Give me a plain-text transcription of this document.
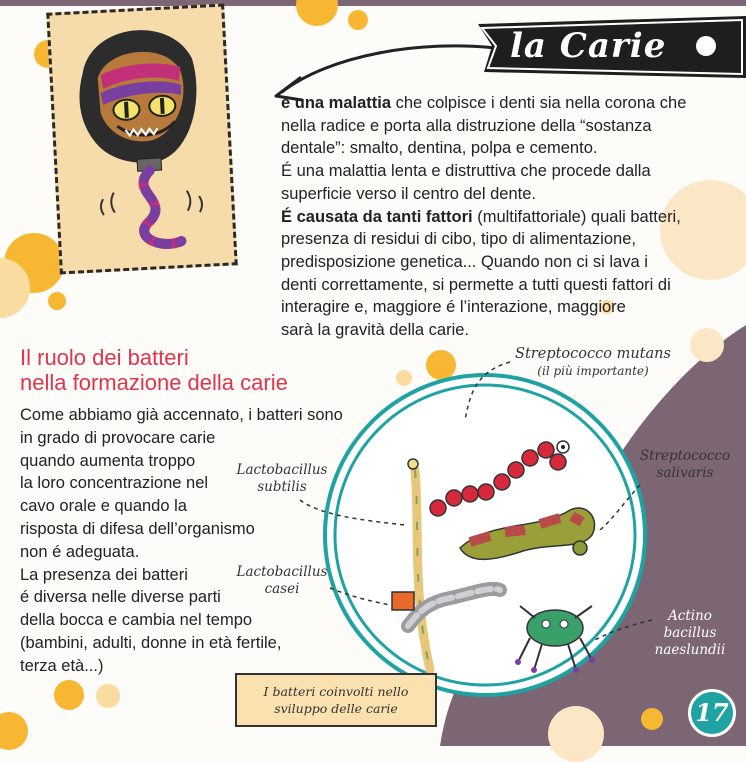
la Carie

è una malattia che colpisce i denti sia nella corona che

nella radice e porta alla distruzione della “sostanza

dentale”: smalto, dentina, polpa e cemento.

É una malattia lenta e distruttiva che procede dalla

superficie verso il centro del dente.

É causata da tanti fattori (multifattoriale) quali batteri,

presenza di residui di cibo, tipo di alimentazione,

predisposizione genetica... Quando non ci si lava i

denti correttamente, si permette a tutti questi fattori di

interagire e, maggiore é l’interazione, maggiore

sarà la gravità della carie.

Il ruolo dei batteri
nella formazione della carie
Come abbiamo già accennato, i batteri sono
in grado di provocare carie
quando aumenta troppo
la loro concentrazione nel
cavo orale e quando la
risposta di difesa dell’organismo
non é adeguata.
La presenza dei batteri
é diversa nelle diverse parti
della bocca e cambia nel tempo
(bambini, adulti, donne in età fertile,
terza età...)
Streptococco mutans
(il più importante)
Streptococco
salivaris
Lactobacillus
subtilis
Lactobacillus
casei
Actino
bacillus
naeslundii
I batteri coinvolti nello
sviluppo delle carie	17
